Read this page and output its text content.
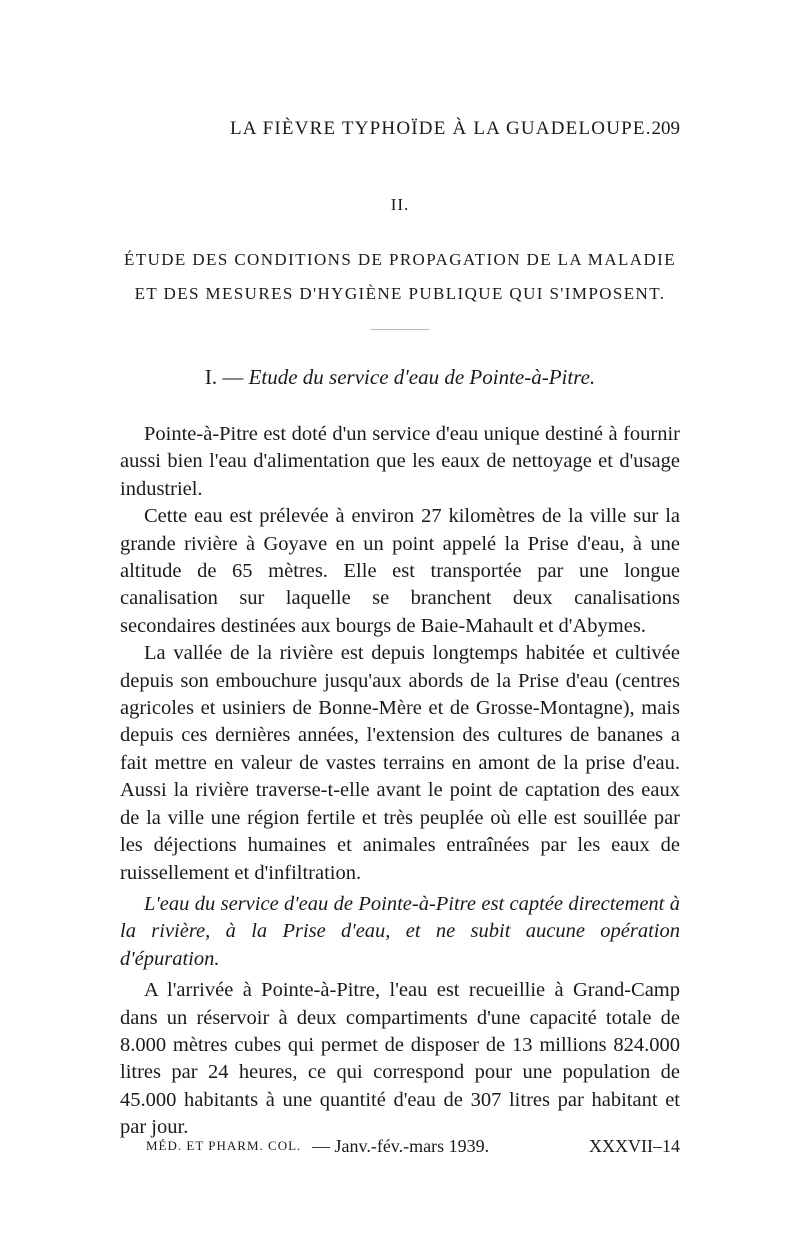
LA FIÈVRE TYPHOÏDE À LA GUADELOUPE. 209
II.
ÉTUDE DES CONDITIONS DE PROPAGATION DE LA MALADIE
ET DES MESURES D'HYGIÈNE PUBLIQUE QUI S'IMPOSENT.
I. — Etude du service d'eau de Pointe-à-Pitre.

Pointe-à-Pitre est doté d'un service d'eau unique destiné à fournir aussi bien l'eau d'alimentation que les eaux de nettoyage et d'usage industriel.

Cette eau est prélevée à environ 27 kilomètres de la ville sur la grande rivière à Goyave en un point appelé la Prise d'eau, à une altitude de 65 mètres. Elle est transportée par une longue canalisation sur laquelle se branchent deux canalisations secondaires destinées aux bourgs de Baie-Mahault et d'Abymes.

La vallée de la rivière est depuis longtemps habitée et cultivée depuis son embouchure jusqu'aux abords de la Prise d'eau (centres agricoles et usiniers de Bonne-Mère et de Grosse-Montagne), mais depuis ces dernières années, l'extension des cultures de bananes a fait mettre en valeur de vastes terrains en amont de la prise d'eau. Aussi la rivière traverse-t-elle avant le point de captation des eaux de la ville une région fertile et très peuplée où elle est souillée par les déjections humaines et animales entraînées par les eaux de ruissellement et d'infiltration.

L'eau du service d'eau de Pointe-à-Pitre est captée directement à la rivière, à la Prise d'eau, et ne subit aucune opération d'épuration.

A l'arrivée à Pointe-à-Pitre, l'eau est recueillie à Grand-Camp dans un réservoir à deux compartiments d'une capacité totale de 8.000 mètres cubes qui permet de disposer de 13 millions 824.000 litres par 24 heures, ce qui correspond pour une population de 45.000 habitants à une quantité d'eau de 307 litres par habitant et par jour.

MÉD. ET PHARM. COL. — Janv.-fév.-mars 1939.	XXXVII–14
